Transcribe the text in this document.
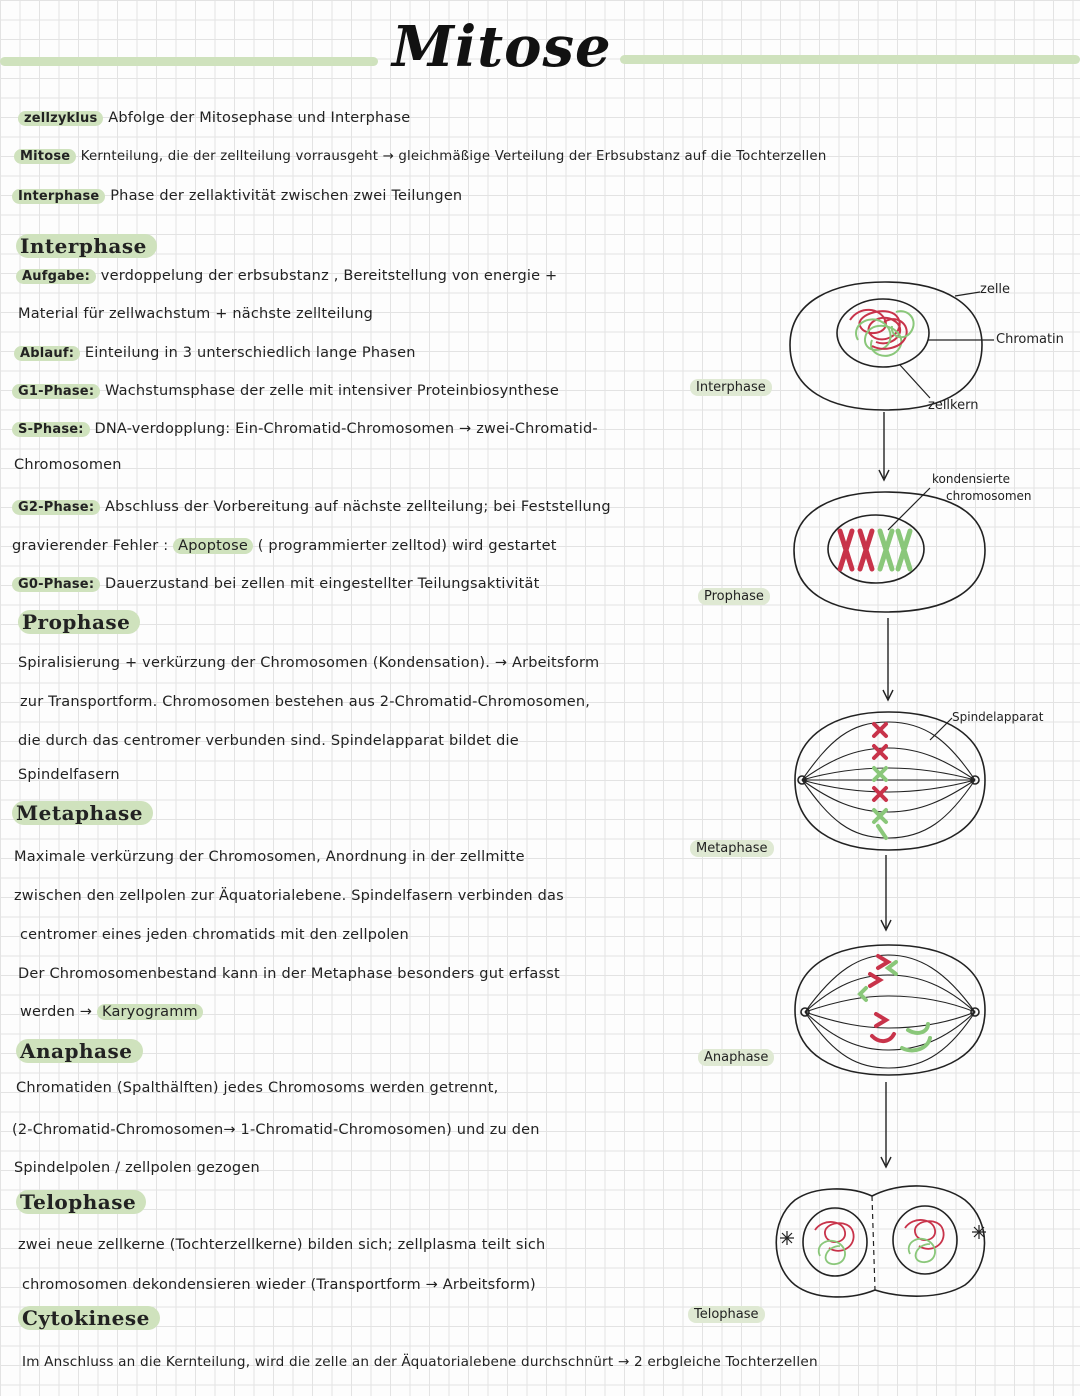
Mitose
zellzyklus Abfolge der Mitosephase und Interphase
Mitose Kernteilung, die der zellteilung vorrausgeht → gleichmäßige Verteilung der Erbsubstanz auf die Tochterzellen
Interphase Phase der zellaktivität zwischen zwei Teilungen
Interphase
Aufgabe: verdoppelung der erbsubstanz , Bereitstellung von energie +
Material für zellwachstum + nächste zellteilung
Ablauf: Einteilung in 3 unterschiedlich lange Phasen
G1-Phase: Wachstumsphase der zelle mit intensiver Proteinbiosynthese
S-Phase: DNA-verdopplung: Ein-Chromatid-Chromosomen → zwei-Chromatid-
Chromosomen
G2-Phase: Abschluss der Vorbereitung auf nächste zellteilung; bei Feststellung
gravierender Fehler : Apoptose ( programmierter zelltod) wird gestartet
G0-Phase: Dauerzustand bei zellen mit eingestellter Teilungsaktivität
Prophase
Spiralisierung + verkürzung der Chromosomen (Kondensation). → Arbeitsform
zur Transportform. Chromosomen bestehen aus 2-Chromatid-Chromosomen,
die durch das centromer verbunden sind. Spindelapparat bildet die
Spindelfasern
Metaphase
Maximale verkürzung der Chromosomen, Anordnung in der zellmitte
zwischen den zellpolen zur Äquatorialebene. Spindelfasern verbinden das
centromer eines jeden chromatids mit den zellpolen
Der Chromosomenbestand kann in der Metaphase besonders gut erfasst
werden → Karyogramm
Anaphase
Chromatiden (Spalthälften) jedes Chromosoms werden getrennt,
(2-Chromatid-Chromosomen→ 1-Chromatid-Chromosomen) und zu den
Spindelpolen / zellpolen gezogen
Telophase
zwei neue zellkerne (Tochterzellkerne) bilden sich; zellplasma teilt sich
chromosomen dekondensieren wieder (Transportform → Arbeitsform)
Cytokinese
Im Anschluss an die Kernteilung, wird die zelle an der Äquatorialebene durchschnürt → 2 erbgleiche Tochterzellen
Interphase
Prophase
Metaphase
Anaphase
Telophase
zelle
Chromatin
zellkern
kondensierte
chromosomen
Spindelapparat
